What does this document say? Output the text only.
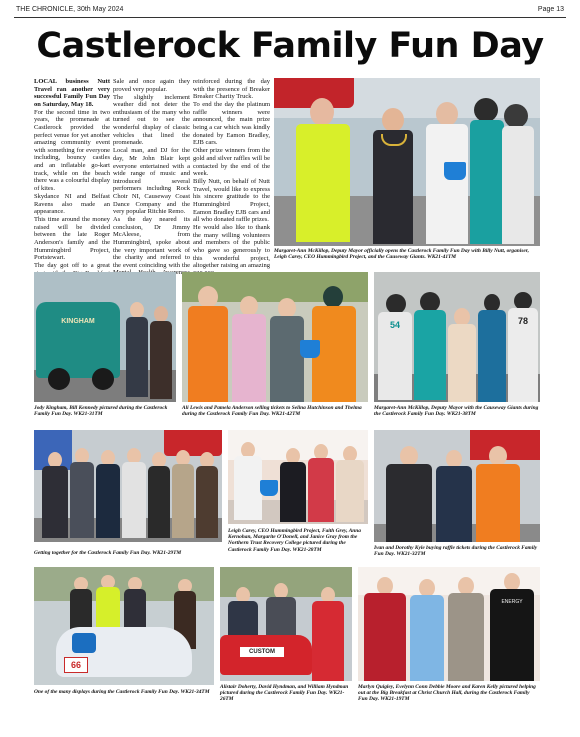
THE CHRONICLE, 30th May 2024	Page 13
Castlerock Family Fun Day

LOCAL business Nutt Travel ran another very successful Family Fun Day on Saturday, May 18.

For the second time in two years, the promenade at Castlerock provided the perfect venue for yet another amazing community event with something for everyone including, bouncy castles and an inflatable go-kart track, while on the beach there was a colourful display of kites.

Skydance NI and Belfast Ravens also made an appearance.

This time around the money raised will be divided between the late Roger Anderson's family and the Hummingbird Project, Portstewart.

The day got off to a great

Sale and once again they proved very popular.

The slightly inclement weather did not deter the enthusiasm of the many who turned out to see the wonderful display of classic vehicles that lined the promenade.

Local man, and DJ for the day, Mr John Blair kept everyone entertained with a wide range of music and introduced several performers including Rock Choir NI, Causeway Coast Dance Company and the very popular Ritchie Remo.

As the day neared its conclusion, Dr Jimmy McAleese, from Hummingbird, spoke about the very important work of the charity and referred to the event coinciding with the Awareness

reinforced during the day with the presence of Breaker Breaker Charity Truck.

To end the day the platinum raffle winners were announced, the main prize being a car which was kindly donated by Eamon Bradley, EJB cars.

Other prize winners from the gold and silver raffles will be contacted by the end of the week.

Billy Nutt, on behalf of Nutt Travel, would like to express his sincere gratitude to the Hummingbird Project, Eamon Bradley EJB cars and all who donated raffle prizes.

He would also like to thank the many willing volunteers and members of the public who gave so generously to this wonderful project, altogether raising an amazing

Margaret-Ann McKillop, Deputy Mayor officially opens the Castlerock Family Fun Day with Billy Nutt, organiser, Leigh Carey, CEO Hummingbird Project, and the Causeway Giants. WK21-41TM

KINGHAM

Jody Kingham, Bill Kennedy pictured during the Castlerock Family Fun Day. WK21-31TM

Ali Lewis and Pamela Anderson selling tickets to Selina Hutchinson and Thelma during the Castlerock Family Fun Day. WK21-42TM

54	78

Margaret-Ann McKillop, Deputy Mayor with the Causeway Giants during the Castlerock Family Fun Day. WK21-38TM

Getting together for the Castlerock Family Fun Day. WK21-29TM

Leigh Carey, CEO Hummingbird Project, Faith Grey, Anna Kernohan, Margarite O'Donell, and Janice Gray from the Northern Trust Recovery College pictured during the Castlerock Family Fun Day. WK21-28TM	Ivan and Dorothy Kyle buying raffle tickets during the Castlerock Family Fun Day. WK21-32TM

66

One of the many displays during the Castlerock Family Fun Day. WK21-34TM

CUSTOM

Alistair Doherty, David Hyndman, and William Hyndman pictured during the Castlerock Family Fun Day. WK21-26TM

ENERGY

Marlyn Quigley, Evelynn Conn Debbie Moore and Karen Kelly pictured helping out at the Big Breakfast at Christ Church Hall, during the Castlerock Family Fun Day. WK21-19TM
